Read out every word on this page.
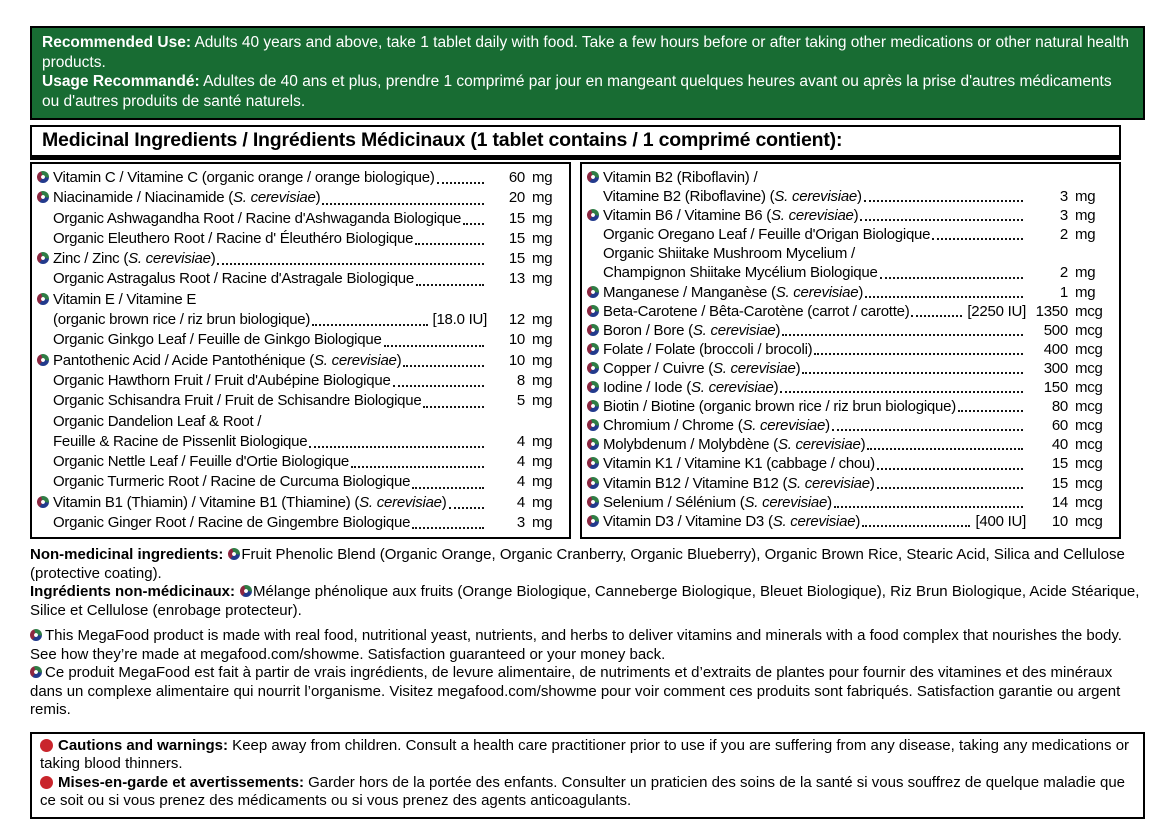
Recommended Use: Adults 40 years and above, take 1 tablet daily with food. Take a few hours before or after taking other medications or other natural health products.

Usage Recommandé: Adultes de 40 ans et plus, prendre 1 comprimé par jour en mangeant quelques heures avant ou après la prise d'autres médicaments ou d'autres produits de santé naturels.

Medicinal Ingredients / Ingrédients Médicinaux (1 tablet contains / 1 comprimé contient):
Vitamin C / Vitamine C (organic orange / orange biologique)	60 mg
Niacinamide / Niacinamide (S. cerevisiae)	20 mg
Organic Ashwagandha Root / Racine d'Ashwaganda Biologique	15 mg
Organic Eleuthero Root / Racine d' Éleuthéro Biologique	15 mg
Zinc / Zinc (S. cerevisiae)	15 mg
Organic Astragalus Root / Racine d'Astragale Biologique	13 mg
Vitamin E / Vitamine E
(organic brown rice / riz brun biologique)	[18.0 IU]	12 mg
Organic Ginkgo Leaf / Feuille de Ginkgo Biologique	10 mg
Pantothenic Acid / Acide Pantothénique (S. cerevisiae)	10 mg
Organic Hawthorn Fruit / Fruit d'Aubépine Biologique	8 mg
Organic Schisandra Fruit / Fruit de Schisandre Biologique	5 mg
Organic Dandelion Leaf & Root /
Feuille & Racine de Pissenlit Biologique	4 mg
Organic Nettle Leaf / Feuille d'Ortie Biologique	4 mg
Organic Turmeric Root / Racine de Curcuma Biologique	4 mg
Vitamin B1 (Thiamin) / Vitamine B1 (Thiamine) (S. cerevisiae)	4 mg
Organic Ginger Root / Racine de Gingembre Biologique	3 mg
Vitamin B2 (Riboflavin) /
Vitamine B2 (Riboflavine) (S. cerevisiae)	3 mg
Vitamin B6 / Vitamine B6 (S. cerevisiae)	3 mg
Organic Oregano Leaf / Feuille d'Origan Biologique	2 mg
Organic Shiitake Mushroom Mycelium /
Champignon Shiitake Mycélium Biologique	2 mg
Manganese / Manganèse (S. cerevisiae)	1 mg
Beta-Carotene / Bêta-Carotène (carrot / carotte)	[2250 IU] 1350 mcg
Boron / Bore (S. cerevisiae)	500 mcg
Folate / Folate (broccoli / brocoli)	400 mcg
Copper / Cuivre (S. cerevisiae)	300 mcg
Iodine / Iode (S. cerevisiae)	150 mcg
Biotin / Biotine (organic brown rice / riz brun biologique)	80 mcg
Chromium / Chrome (S. cerevisiae)	60 mcg
Molybdenum / Molybdène (S. cerevisiae)	40 mcg
Vitamin K1 / Vitamine K1 (cabbage / chou)	15 mcg
Vitamin B12 / Vitamine B12 (S. cerevisiae)	15 mcg
Selenium / Sélénium (S. cerevisiae)	14 mcg
Vitamin D3 / Vitamine D3 (S. cerevisiae)	[400 IU]	10 mcg

Non-medicinal ingredients: Fruit Phenolic Blend (Organic Orange, Organic Cranberry, Organic Blueberry), Organic Brown Rice, Stearic Acid, Silica and Cellulose (protective coating).

Ingrédients non-médicinaux: Mélange phénolique aux fruits (Orange Biologique, Canneberge Biologique, Bleuet Biologique), Riz Brun Biologique, Acide Stéarique, Silice et Cellulose (enrobage protecteur).

This MegaFood product is made with real food, nutritional yeast, nutrients, and herbs to deliver vitamins and minerals with a food complex that nourishes the body. See how they’re made at megafood.com/showme. Satisfaction guaranteed or your money back.

Ce produit MegaFood est fait à partir de vrais ingrédients, de levure alimentaire, de nutriments et d’extraits de plantes pour fournir des vitamines et des minéraux dans un complexe alimentaire qui nourrit l’organisme. Visitez megafood.com/showme pour voir comment ces produits sont fabriqués. Satisfaction garantie ou argent remis.

Cautions and warnings: Keep away from children. Consult a health care practitioner prior to use if you are suffering from any disease, taking any medications or taking blood thinners.

Mises-en-garde et avertissements: Garder hors de la portée des enfants. Consulter un praticien des soins de la santé si vous souffrez de quelque maladie que ce soit ou si vous prenez des médicaments ou si vous prenez des agents anticoagulants.
